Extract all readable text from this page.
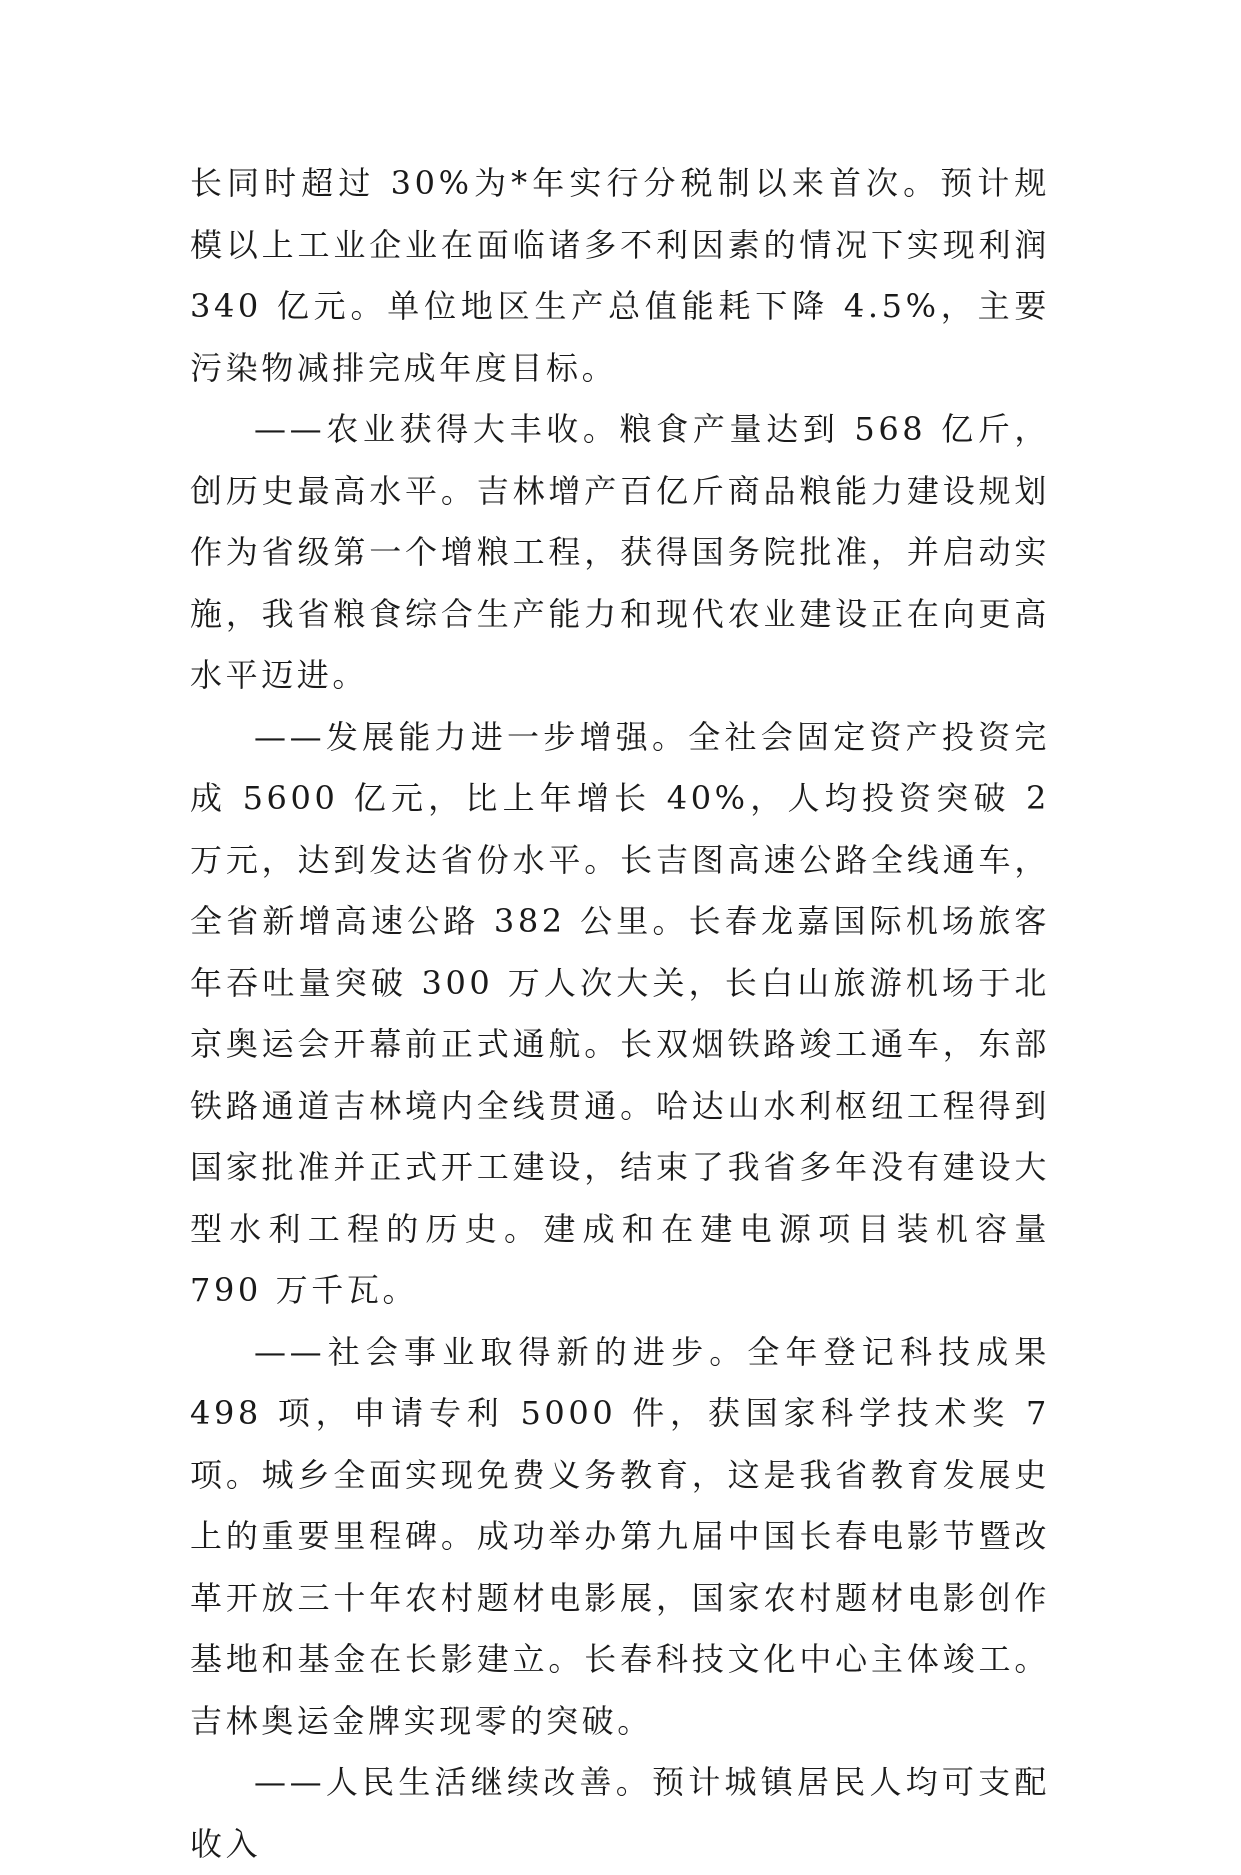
长同时超过 30%为*年实行分税制以来首次。预计规模以上工业企业在面临诸多不利因素的情况下实现利润 340 亿元。单位地区生产总值能耗下降 4.5%，主要污染物减排完成年度目标。

——农业获得大丰收。粮食产量达到 568 亿斤，创历史最高水平。吉林增产百亿斤商品粮能力建设规划作为省级第一个增粮工程，获得国务院批准，并启动实施，我省粮食综合生产能力和现代农业建设正在向更高水平迈进。

——发展能力进一步增强。全社会固定资产投资完成 5600 亿元，比上年增长 40%，人均投资突破 2 万元，达到发达省份水平。长吉图高速公路全线通车，全省新增高速公路 382 公里。长春龙嘉国际机场旅客年吞吐量突破 300 万人次大关，长白山旅游机场于北京奥运会开幕前正式通航。长双烟铁路竣工通车，东部铁路通道吉林境内全线贯通。哈达山水利枢纽工程得到国家批准并正式开工建设，结束了我省多年没有建设大型水利工程的历史。建成和在建电源项目装机容量 790 万千瓦。

——社会事业取得新的进步。全年登记科技成果 498 项，申请专利 5000 件，获国家科学技术奖 7 项。城乡全面实现免费义务教育，这是我省教育发展史上的重要里程碑。成功举办第九届中国长春电影节暨改革开放三十年农村题材电影展，国家农村题材电影创作基地和基金在长影建立。长春科技文化中心主体竣工。吉林奥运金牌实现零的突破。

——人民生活继续改善。预计城镇居民人均可支配收入
